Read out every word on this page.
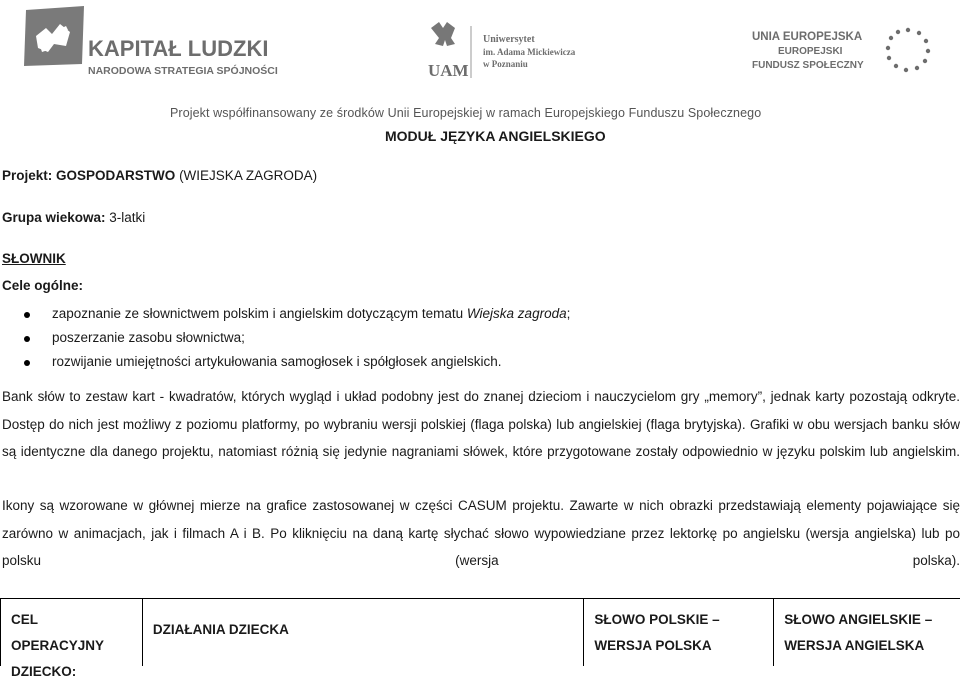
KAPITAŁ LUDZKI
NARODOWA STRATEGIA SPÓJNOŚCI	UAM
Uniwersytet
im. Adama Mickiewicza
w Poznaniu
UNIA EUROPEJSKA
EUROPEJSKI
FUNDUSZ SPOŁECZNY
Projekt współfinansowany ze środków Unii Europejskiej w ramach Europejskiego Funduszu Społecznego
MODUŁ JĘZYKA ANGIELSKIEGO
Projekt: GOSPODARSTWO (WIEJSKA ZAGRODA)
Grupa wiekowa: 3-latki
SŁOWNIK
Cele ogólne:
zapoznanie ze słownictwem polskim i angielskim dotyczącym tematu Wiejska zagroda;
poszerzanie zasobu słownictwa;
rozwijanie umiejętności artykułowania samogłosek i spółgłosek angielskich.
Bank słów to zestaw kart - kwadratów, których wygląd i układ podobny jest do znanej dzieciom i nauczycielom gry „memory”, jednak karty pozostają odkryte. Dostęp do nich jest możliwy z poziomu platformy, po wybraniu wersji polskiej (flaga polska) lub angielskiej (flaga brytyjska). Grafiki w obu wersjach banku słów są identyczne dla danego projektu, natomiast różnią się jedynie nagraniami słówek, które przygotowane zostały odpowiednio w języku polskim lub angielskim.
Ikony są wzorowane w głównej mierze na grafice zastosowanej w części CASUM projektu. Zawarte w nich obrazki przedstawiają elementy pojawiające się zarówno w animacjach, jak i filmach A i B. Po kliknięciu na daną kartę słychać słowo wypowiedziane przez lektorkę po angielsku (wersja angielska) lub po polsku (wersja polska).
CEL OPERACYJNY DZIECKO:
DZIAŁANIA DZIECKA
SŁOWO POLSKIE – WERSJA POLSKA
SŁOWO ANGIELSKIE – WERSJA ANGIELSKA
